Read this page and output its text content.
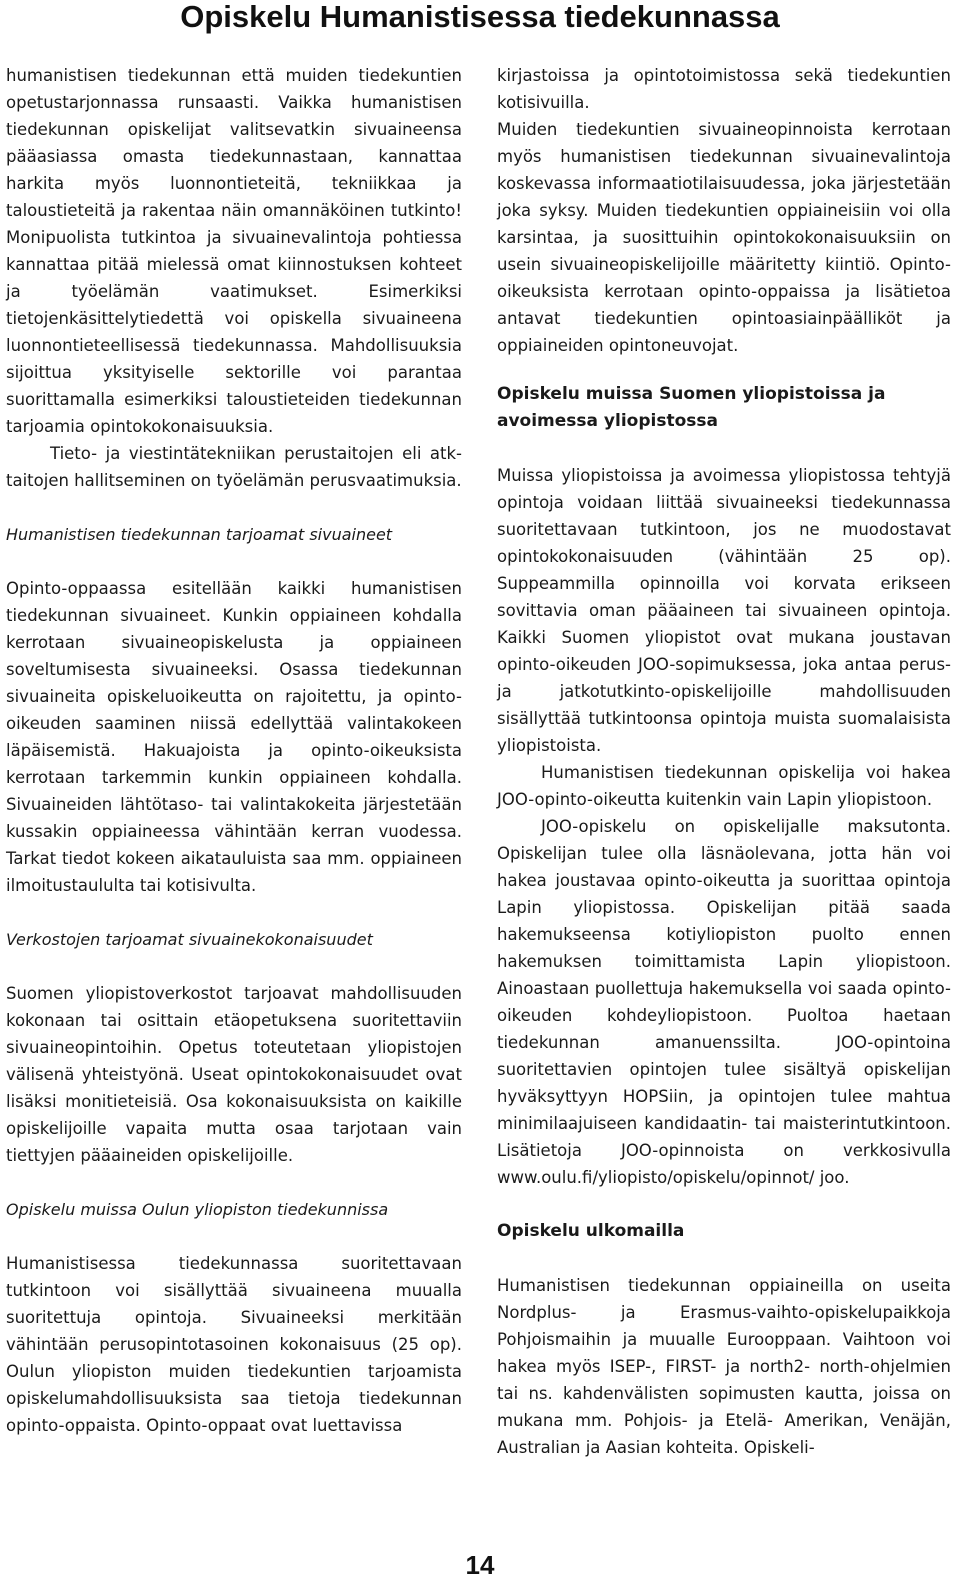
Opiskelu Humanistisessa tiedekunnassa

humanistisen tiedekunnan että muiden tiedekuntien opetustarjonnassa runsaasti. Vaikka humanistisen tiedekunnan opiskelijat valitsevatkin sivuaineensa pääasiassa omasta tiedekunnastaan, kannattaa harkita myös luonnontieteitä, tekniikkaa ja taloustieteitä ja rakentaa näin omannäköinen tutkinto! Monipuolista tutkintoa ja sivuainevalintoja pohtiessa kannattaa pitää mielessä omat kiinnostuksen kohteet ja työelämän vaatimukset. Esimerkiksi tietojenkäsittelytiedettä voi opiskella sivuaineena luonnontieteellisessä tiedekunnassa. Mahdollisuuksia sijoittua yksityiselle sektorille voi parantaa suorittamalla esimerkiksi taloustieteiden tiedekunnan tarjoamia opintokokonaisuuksia.

Tieto- ja viestintätekniikan perustaitojen eli atk-taitojen hallitseminen on työelämän perusvaatimuksia.

Humanistisen tiedekunnan tarjoamat sivuaineet

Opinto-oppaassa esitellään kaikki humanistisen tiedekunnan sivuaineet. Kunkin oppiaineen kohdalla kerrotaan sivuaineopiskelusta ja oppiaineen soveltumisesta sivuaineeksi. Osassa tiedekunnan sivuaineita opiskeluoikeutta on rajoitettu, ja opinto-oikeuden saaminen niissä edellyttää valintakokeen läpäisemistä. Hakuajoista ja opinto-oikeuksista kerrotaan tarkemmin kunkin oppiaineen kohdalla. Sivuaineiden lähtötaso- tai valintakokeita järjestetään kussakin oppiaineessa vähintään kerran vuodessa. Tarkat tiedot kokeen aikatauluista saa mm. oppiaineen ilmoitustaululta tai kotisivulta.

Verkostojen tarjoamat sivuainekokonaisuudet

Suomen yliopistoverkostot tarjoavat mahdollisuuden kokonaan tai osittain etäopetuksena suoritettaviin sivuaineopintoihin. Opetus toteutetaan yliopistojen välisenä yhteistyönä. Useat opintokokonaisuudet ovat lisäksi monitieteisiä. Osa kokonaisuuksista on kaikille opiskelijoille vapaita mutta osaa tarjotaan vain tiettyjen pääaineiden opiskelijoille.

Opiskelu muissa Oulun yliopiston tiedekunnissa

Humanistisessa tiedekunnassa suoritettavaan tutkintoon voi sisällyttää sivuaineena muualla suoritettuja opintoja. Sivuaineeksi merkitään vähintään perusopintotasoinen kokonaisuus (25 op). Oulun yliopiston muiden tiedekuntien tarjoamista opiskelumahdollisuuksista saa tietoja tiedekunnan opinto-oppaista. Opinto-oppaat ovat luettavissa

kirjastoissa ja opintotoimistossa sekä tiedekuntien kotisivuilla.

Muiden tiedekuntien sivuaineopinnoista kerrotaan myös humanistisen tiedekunnan sivuainevalintoja koskevassa informaatiotilaisuudessa, joka järjestetään joka syksy. Muiden tiedekuntien oppiaineisiin voi olla karsintaa, ja suosittuihin opintokokonaisuuksiin on usein sivuaineopiskelijoille määritetty kiintiö. Opinto-oikeuksista kerrotaan opinto-oppaissa ja lisätietoa antavat tiedekuntien opintoasiainpäälliköt ja oppiaineiden opintoneuvojat.

Opiskelu muissa Suomen yliopistoissa ja avoimessa yliopistossa

Muissa yliopistoissa ja avoimessa yliopistossa tehtyjä opintoja voidaan liittää sivuaineeksi tiedekunnassa suoritettavaan tutkintoon, jos ne muodostavat opintokokonaisuuden (vähintään 25 op). Suppeammilla opinnoilla voi korvata erikseen sovittavia oman pääaineen tai sivuaineen opintoja. Kaikki Suomen yliopistot ovat mukana joustavan opinto-oikeuden JOO-sopimuksessa, joka antaa perus- ja jatkotutkinto-opiskelijoille mahdollisuuden sisällyttää tutkintoonsa opintoja muista suomalaisista yliopistoista.

Humanistisen tiedekunnan opiskelija voi hakea JOO-opinto-oikeutta kuitenkin vain Lapin yliopistoon.

JOO-opiskelu on opiskelijalle maksutonta. Opiskelijan tulee olla läsnäolevana, jotta hän voi hakea joustavaa opinto-oikeutta ja suorittaa opintoja Lapin yliopistossa. Opiskelijan pitää saada hakemukseensa kotiyliopiston puolto ennen hakemuksen toimittamista Lapin yliopistoon. Ainoastaan puollettuja hakemuksella voi saada opinto-oikeuden kohdeyliopistoon. Puoltoa haetaan tiedekunnan amanuenssilta. JOO-opintoina suoritettavien opintojen tulee sisältyä opiskelijan hyväksyttyyn HOPSiin, ja opintojen tulee mahtua minimilaajuiseen kandidaatin- tai maisterintutkintoon. Lisätietoja JOO-opinnoista on verkkosivulla www.oulu.fi/yliopisto/opiskelu/opinnot/ joo.

Opiskelu ulkomailla

Humanistisen tiedekunnan oppiaineilla on useita Nordplus- ja Erasmus-vaihto-opiskelupaikkoja Pohjoismaihin ja muualle Eurooppaan. Vaihtoon voi hakea myös ISEP-, FIRST- ja north2- north-ohjelmien tai ns. kahdenvälisten sopimusten kautta, joissa on mukana mm. Pohjois- ja Etelä- Amerikan, Venäjän, Australian ja Aasian kohteita. Opiskeli-

14
